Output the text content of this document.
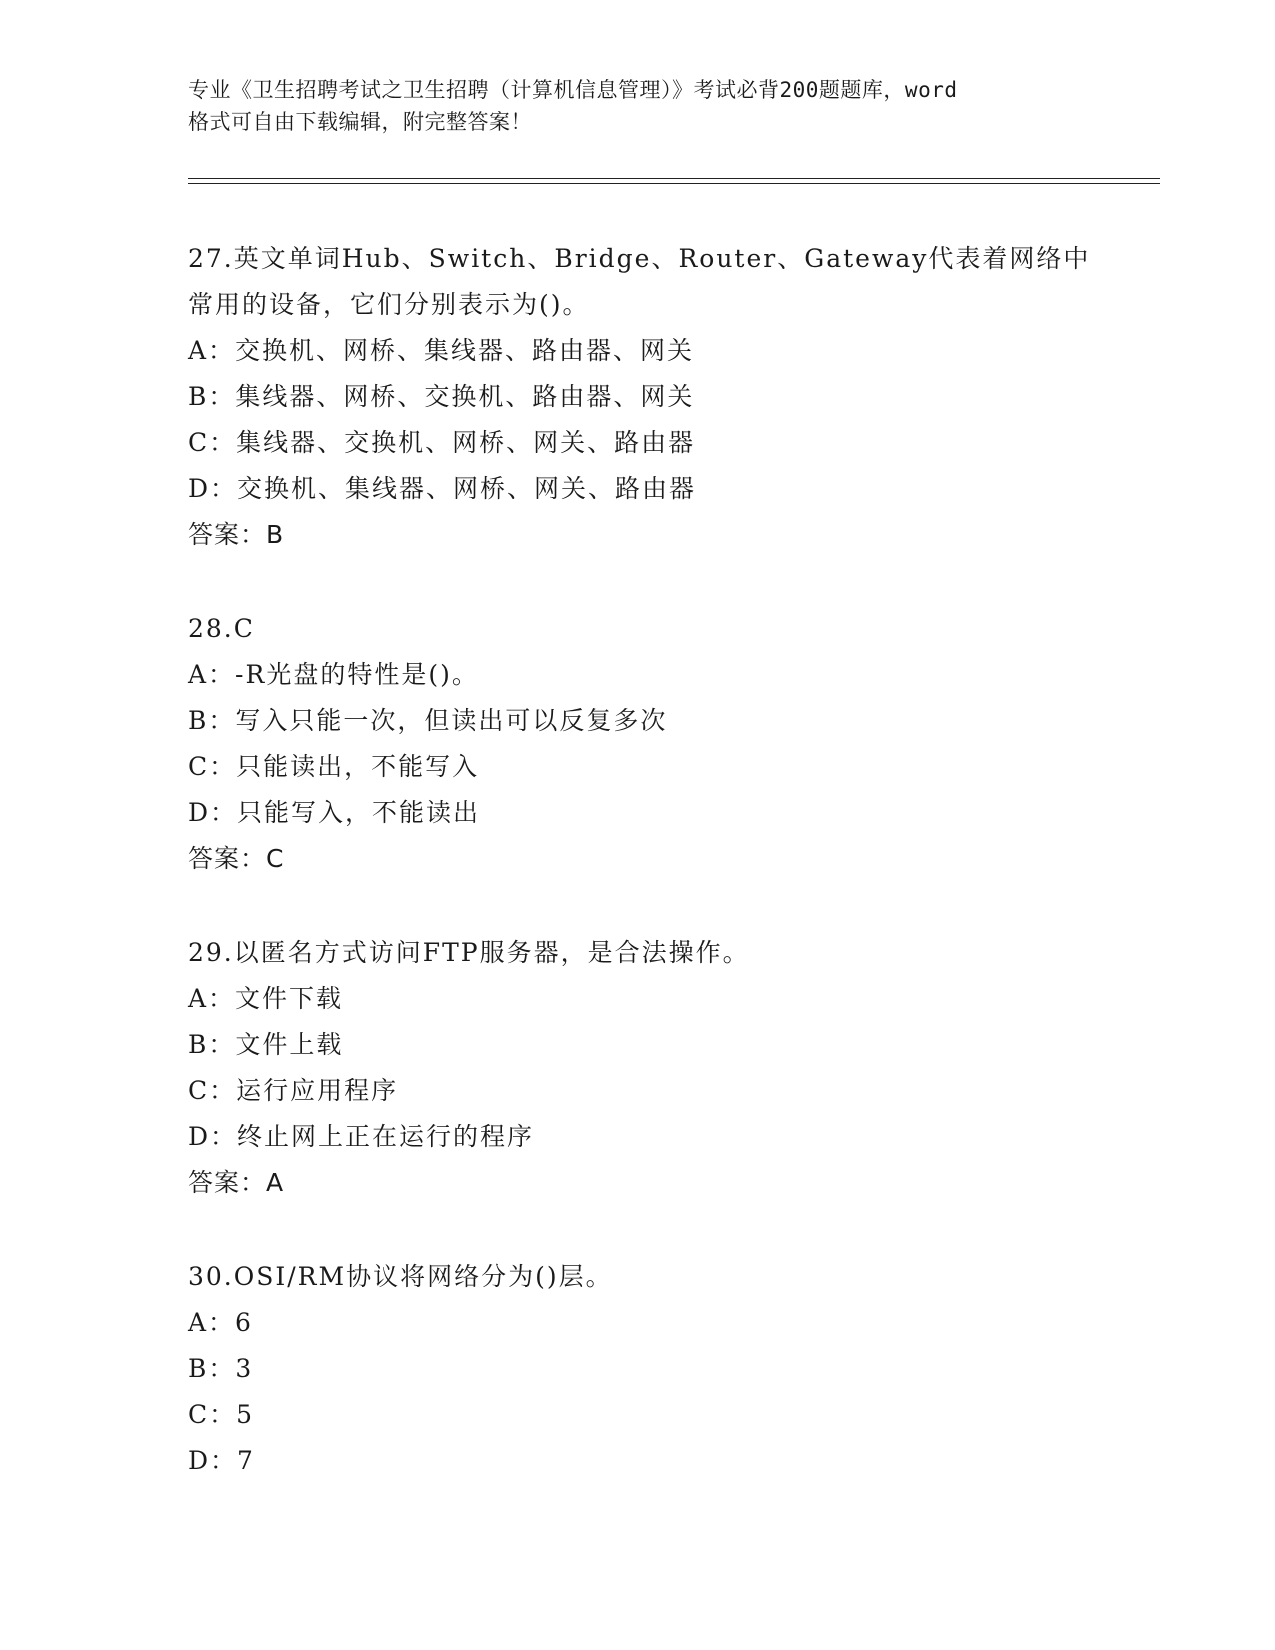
专业《卫生招聘考试之卫生招聘（计算机信息管理）》考试必背200题题库，word
格式可自由下载编辑，附完整答案！
27.英文单词Hub、Switch、Bridge、Router、Gateway代表着网络中
常用的设备，它们分别表示为()。
A：交换机、网桥、集线器、路由器、网关
B：集线器、网桥、交换机、路由器、网关
C：集线器、交换机、网桥、网关、路由器
D：交换机、集线器、网桥、网关、路由器
答案：B
28.C
A：-R光盘的特性是()。
B：写入只能一次，但读出可以反复多次
C：只能读出，不能写入
D：只能写入，不能读出
答案：C
29.以匿名方式访问FTP服务器，是合法操作。
A：文件下载
B：文件上载
C：运行应用程序
D：终止网上正在运行的程序
答案：A
30.OSI/RM协议将网络分为()层。
A：6
B：3
C：5
D：7
